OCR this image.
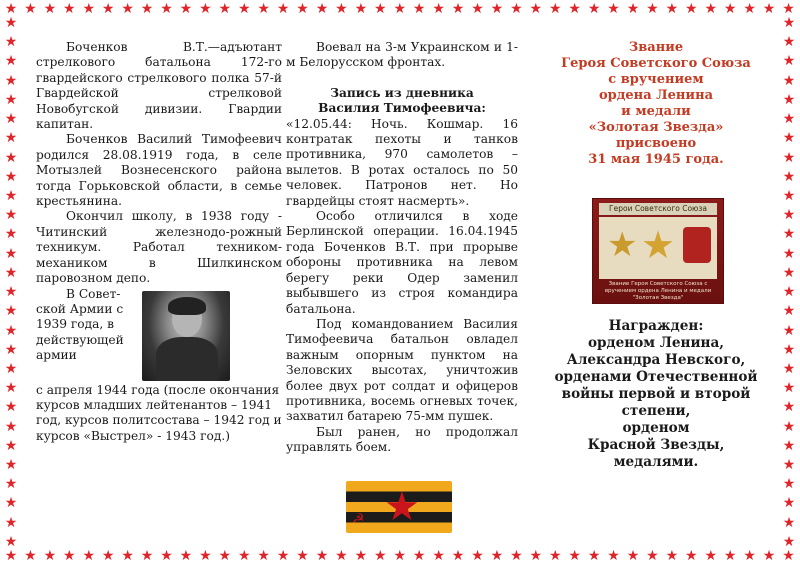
★ ★ ★ ★ ★ ★ ★ ★ ★ ★ ★ ★ ★ ★ ★ ★ ★ ★ ★ ★ ★ ★ ★ ★ ★ ★ ★ ★ ★ ★ ★ ★ ★ ★ ★ ★ ★ ★ ★ ★ ★
★ ★ ★ ★ ★ ★ ★ ★ ★ ★ ★ ★ ★ ★ ★ ★ ★ ★ ★ ★ ★ ★ ★ ★ ★ ★ ★ ★ ★ ★ ★ ★ ★ ★ ★ ★ ★ ★ ★ ★ ★
★
★
★
★
★
★
★
★
★
★
★
★
★
★
★
★
★
★
★
★
★
★
★
★
★
★
★
★
★
★
★
★
★
★
★
★
★
★
★
★
★
★
★
★
★
★
★
★
★
★
★
★
★
★
★
★

Боченков В.Т.—адъютант стрелкового батальона 172-го гвардейского стрелкового полка 57-й Гвардейской стрелковой Новобугской дивизии. Гвардии капитан.

Боченков Василий Тимофеевич родился 28.08.1919 года, в селе Мотызлей Вознесенского района тогда Горьковской области, в семье крестьянина.

Окончил школу, в 1938 году - Читинский железнодо-рожный техникум. Работал техником-механиком в Шилкинском паровозном депо.

В Совет-ской Армии с 1939 года, в действующей армии

с апреля 1944 года (после окончания курсов младших лейтенантов – 1941 год, курсов политсостава – 1942 год и курсов «Выстрел» - 1943 год.)

Воевал на 3-м Украинском и 1-м Белорусском фронтах.

Запись из дневника

Василия Тимофеевича:

«12.05.44: Ночь. Кошмар. 16 контратак пехоты и танков противника, 970 самолетов – вылетов. В ротах осталось по 50 человек. Патронов нет. Но гвардейцы стоят насмерть».

Особо отличился в ходе Берлинской операции. 16.04.1945 года Боченков В.Т. при прорыве обороны противника на левом берегу реки Одер заменил выбывшего из строя командира батальона.

Под командованием Василия Тимофеевича батальон овладел важным опорным пунктом на Зеловских высотах, уничтожив более двух рот солдат и офицеров противника, восемь огневых точек, захватил батарею 75-мм пушек.

Был ранен, но продолжал управлять боем.

★
☭
Звание
Героя Советского Союза
с вручением
ордена Ленина
и медали
«Золотая Звезда»
присвоено
31 мая 1945 года.
Герои Советского Союза
★ ★
Звание Героя Советского Союза с вручением ордена Ленина и медали "Золотая Звезда"
Награжден:
орденом Ленина,
Александра Невского,
орденами Отечественной
войны первой и второй
степени,
орденом
Красной Звезды,
медалями.
